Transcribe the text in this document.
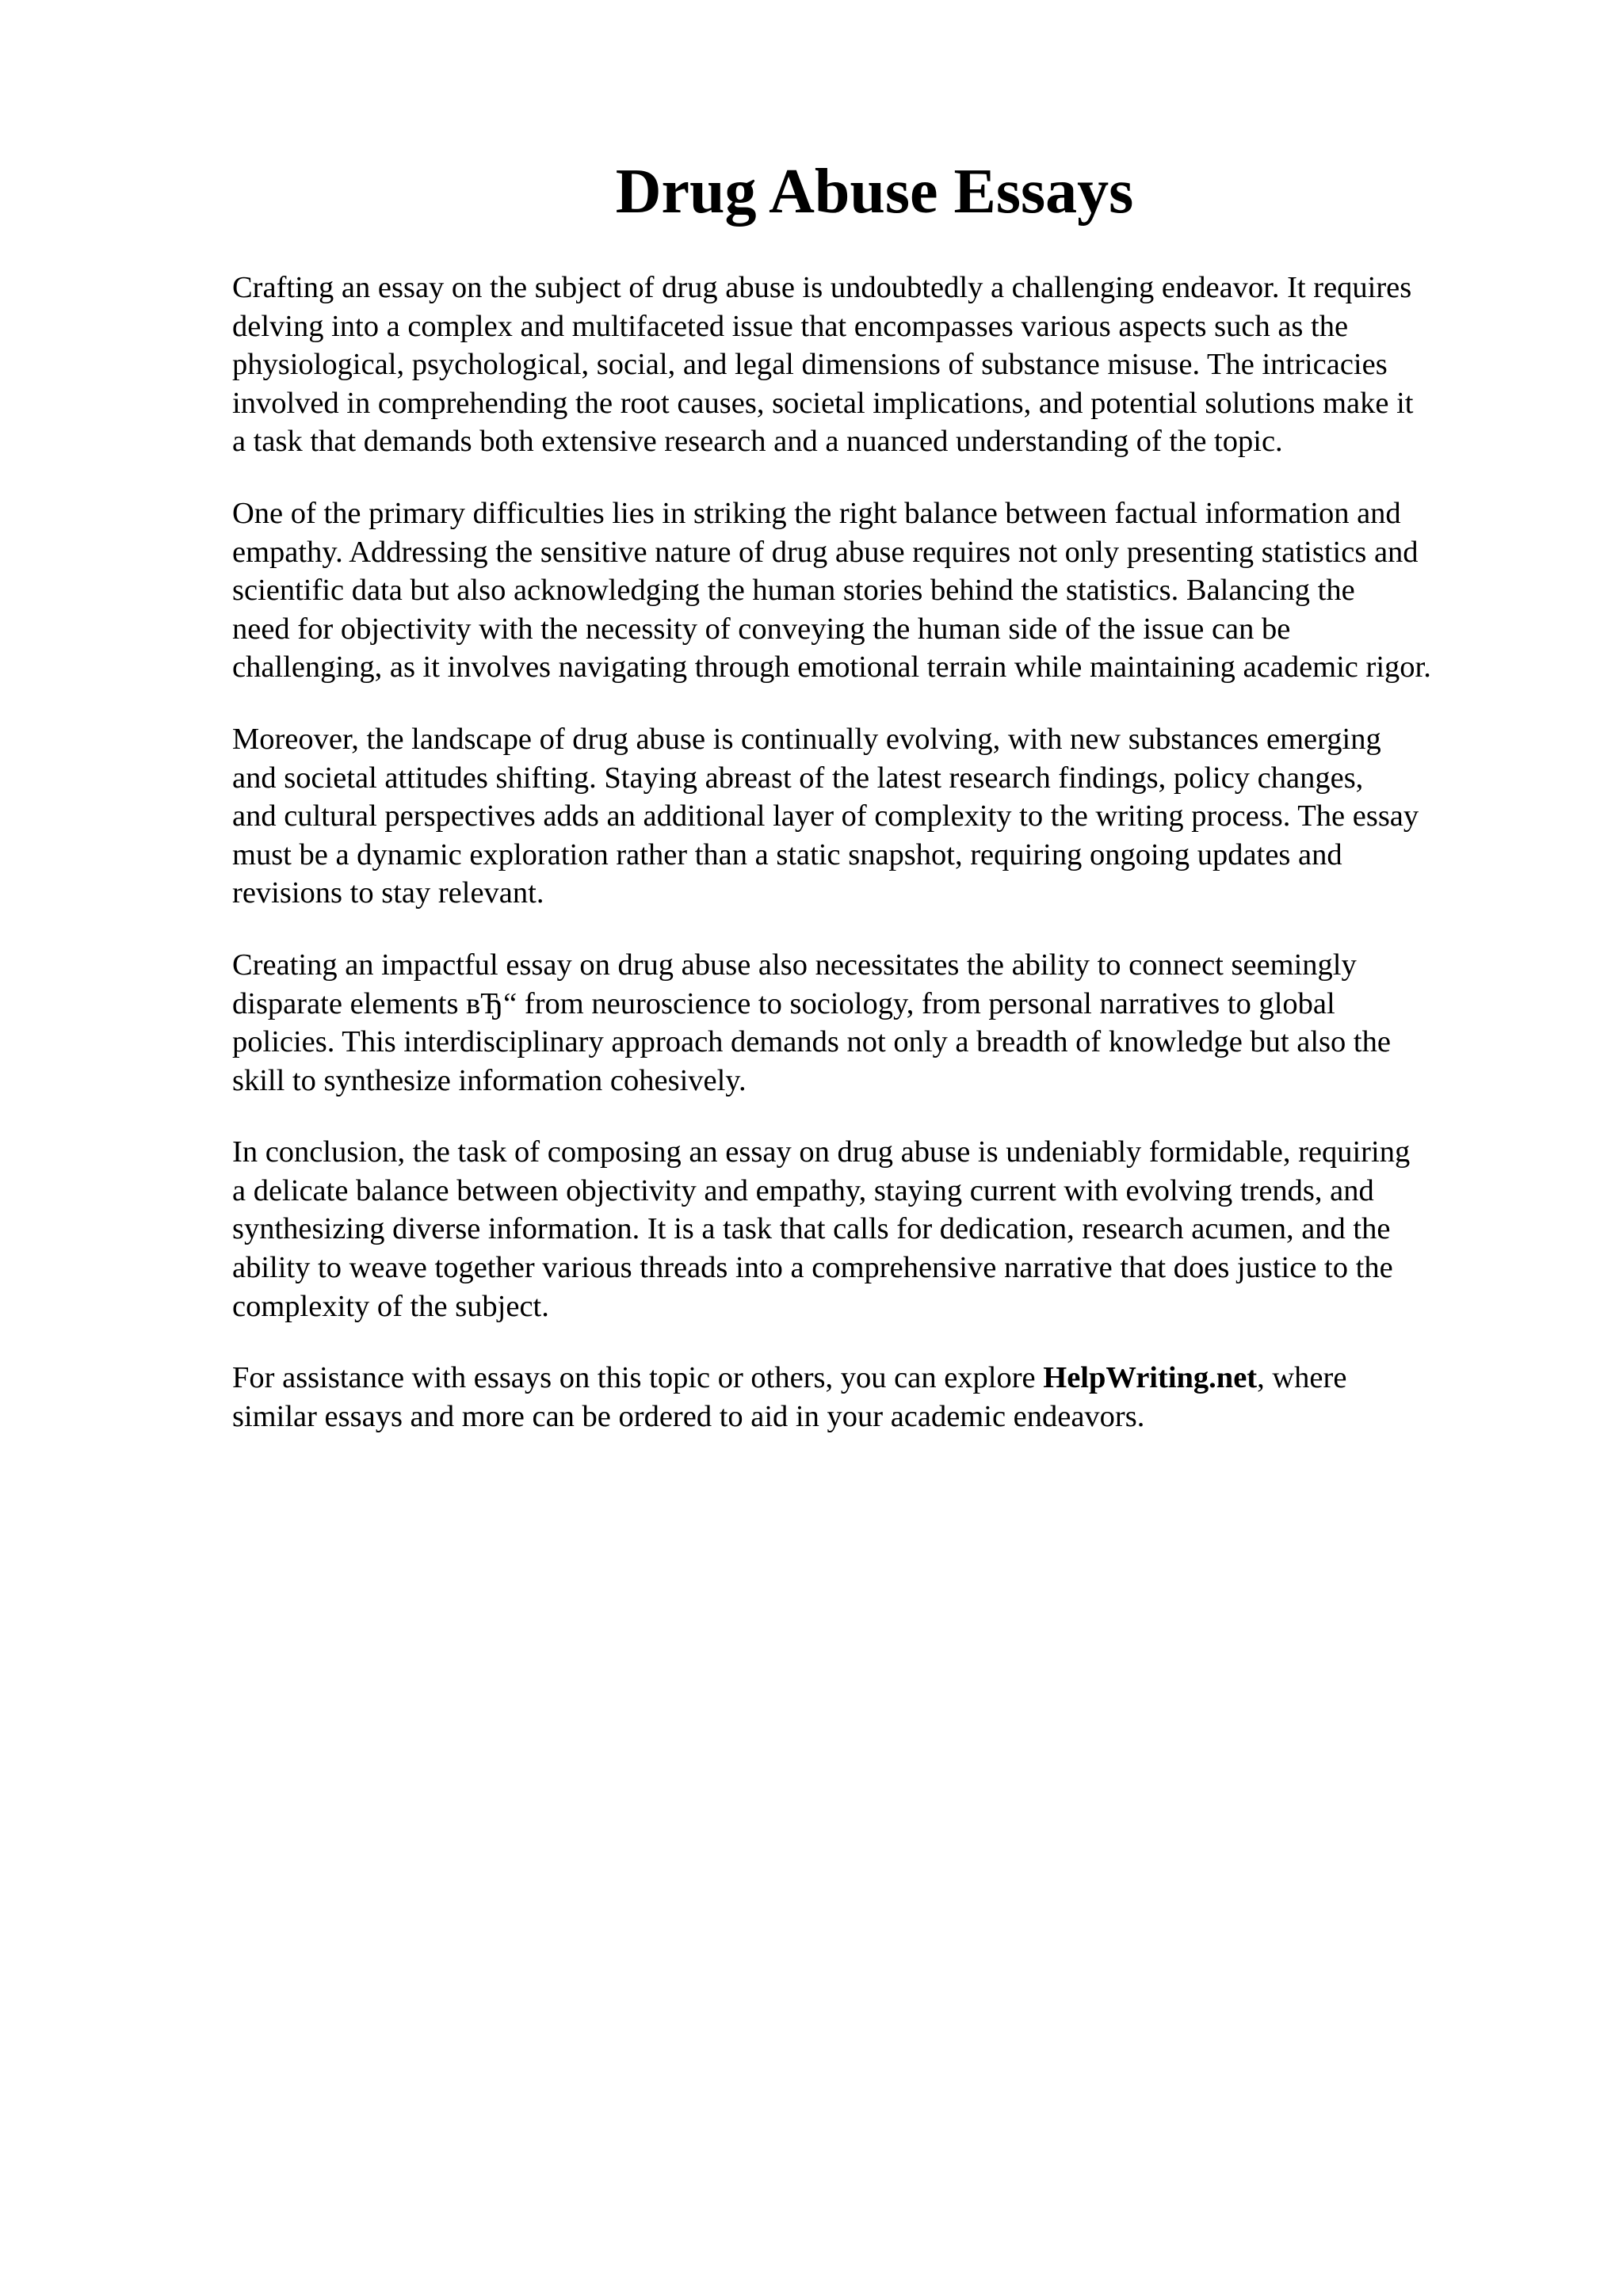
Drug Abuse Essays

Crafting an essay on the subject of drug abuse is undoubtedly a challenging endeavor. It requires
delving into a complex and multifaceted issue that encompasses various aspects such as the
physiological, psychological, social, and legal dimensions of substance misuse. The intricacies
involved in comprehending the root causes, societal implications, and potential solutions make it
a task that demands both extensive research and a nuanced understanding of the topic.

One of the primary difficulties lies in striking the right balance between factual information and
empathy. Addressing the sensitive nature of drug abuse requires not only presenting statistics and
scientific data but also acknowledging the human stories behind the statistics. Balancing the
need for objectivity with the necessity of conveying the human side of the issue can be
challenging, as it involves navigating through emotional terrain while maintaining academic rigor.

Moreover, the landscape of drug abuse is continually evolving, with new substances emerging
and societal attitudes shifting. Staying abreast of the latest research findings, policy changes,
and cultural perspectives adds an additional layer of complexity to the writing process. The essay
must be a dynamic exploration rather than a static snapshot, requiring ongoing updates and
revisions to stay relevant.

Creating an impactful essay on drug abuse also necessitates the ability to connect seemingly
disparate elements вЂ“ from neuroscience to sociology, from personal narratives to global
policies. This interdisciplinary approach demands not only a breadth of knowledge but also the
skill to synthesize information cohesively.

In conclusion, the task of composing an essay on drug abuse is undeniably formidable, requiring
a delicate balance between objectivity and empathy, staying current with evolving trends, and
synthesizing diverse information. It is a task that calls for dedication, research acumen, and the
ability to weave together various threads into a comprehensive narrative that does justice to the
complexity of the subject.

For assistance with essays on this topic or others, you can explore HelpWriting.net, where
similar essays and more can be ordered to aid in your academic endeavors.
